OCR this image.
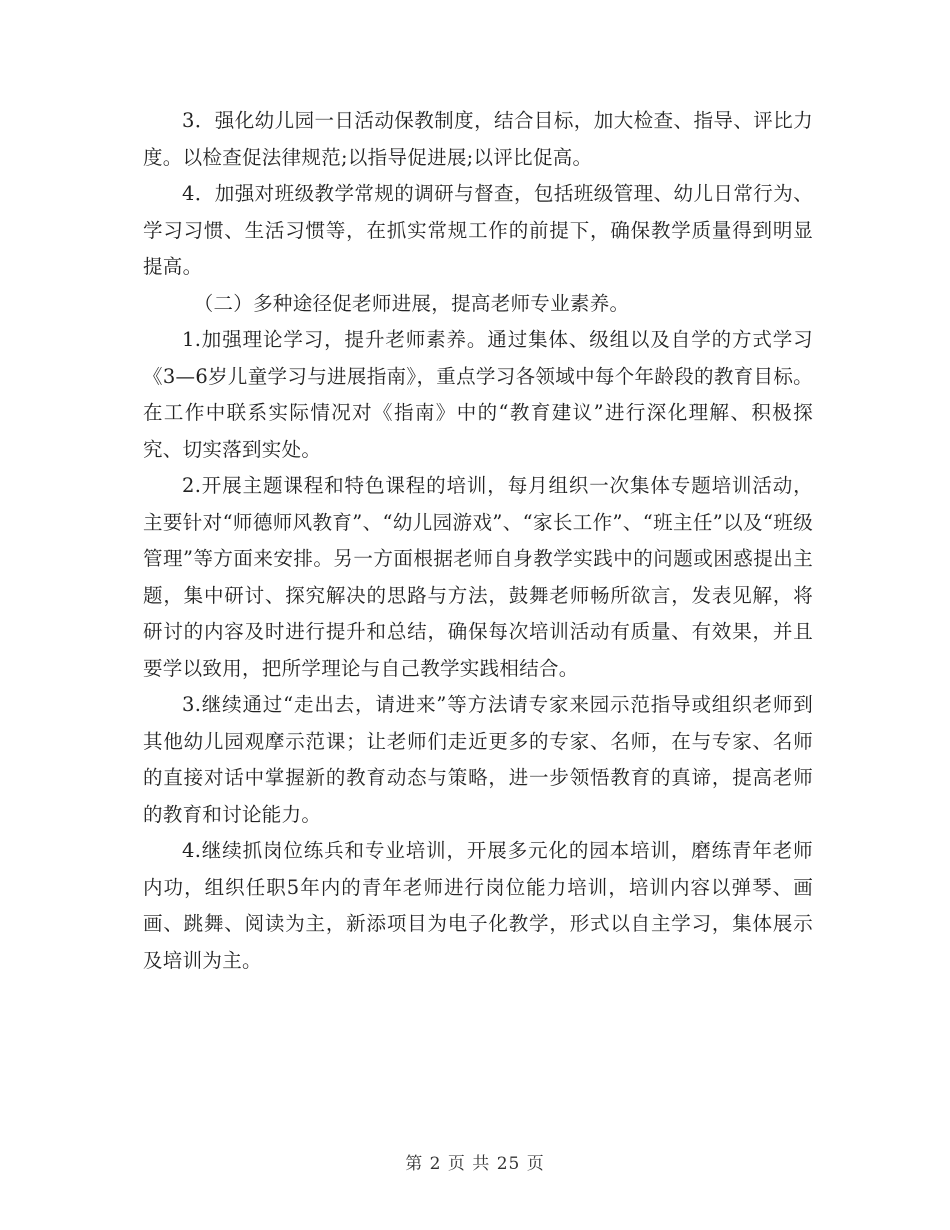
3．强化幼儿园一日活动保教制度，结合目标，加大检查、指导、评比力度。以检查促法律规范;以指导促进展;以评比促高。

4．加强对班级教学常规的调研与督查，包括班级管理、幼儿日常行为、学习习惯、生活习惯等，在抓实常规工作的前提下，确保教学质量得到明显提高。

（二）多种途径促老师进展，提高老师专业素养。

1.加强理论学习，提升老师素养。通过集体、级组以及自学的方式学习《3—6岁儿童学习与进展指南》，重点学习各领域中每个年龄段的教育目标。在工作中联系实际情况对《指南》中的“教育建议”进行深化理解、积极探究、切实落到实处。

2.开展主题课程和特色课程的培训，每月组织一次集体专题培训活动，主要针对“师德师风教育”、“幼儿园游戏”、“家长工作”、“班主任”以及“班级管理”等方面来安排。另一方面根据老师自身教学实践中的问题或困惑提出主题，集中研讨、探究解决的思路与方法，鼓舞老师畅所欲言，发表见解，将研讨的内容及时进行提升和总结，确保每次培训活动有质量、有效果，并且要学以致用，把所学理论与自己教学实践相结合。

3.继续通过“走出去，请进来”等方法请专家来园示范指导或组织老师到其他幼儿园观摩示范课；让老师们走近更多的专家、名师，在与专家、名师的直接对话中掌握新的教育动态与策略，进一步领悟教育的真谛，提高老师的教育和讨论能力。

4.继续抓岗位练兵和专业培训，开展多元化的园本培训，磨练青年老师内功，组织任职5年内的青年老师进行岗位能力培训，培训内容以弹琴、画画、跳舞、阅读为主，新添项目为电子化教学，形式以自主学习，集体展示及培训为主。

第 2 页 共 25 页
